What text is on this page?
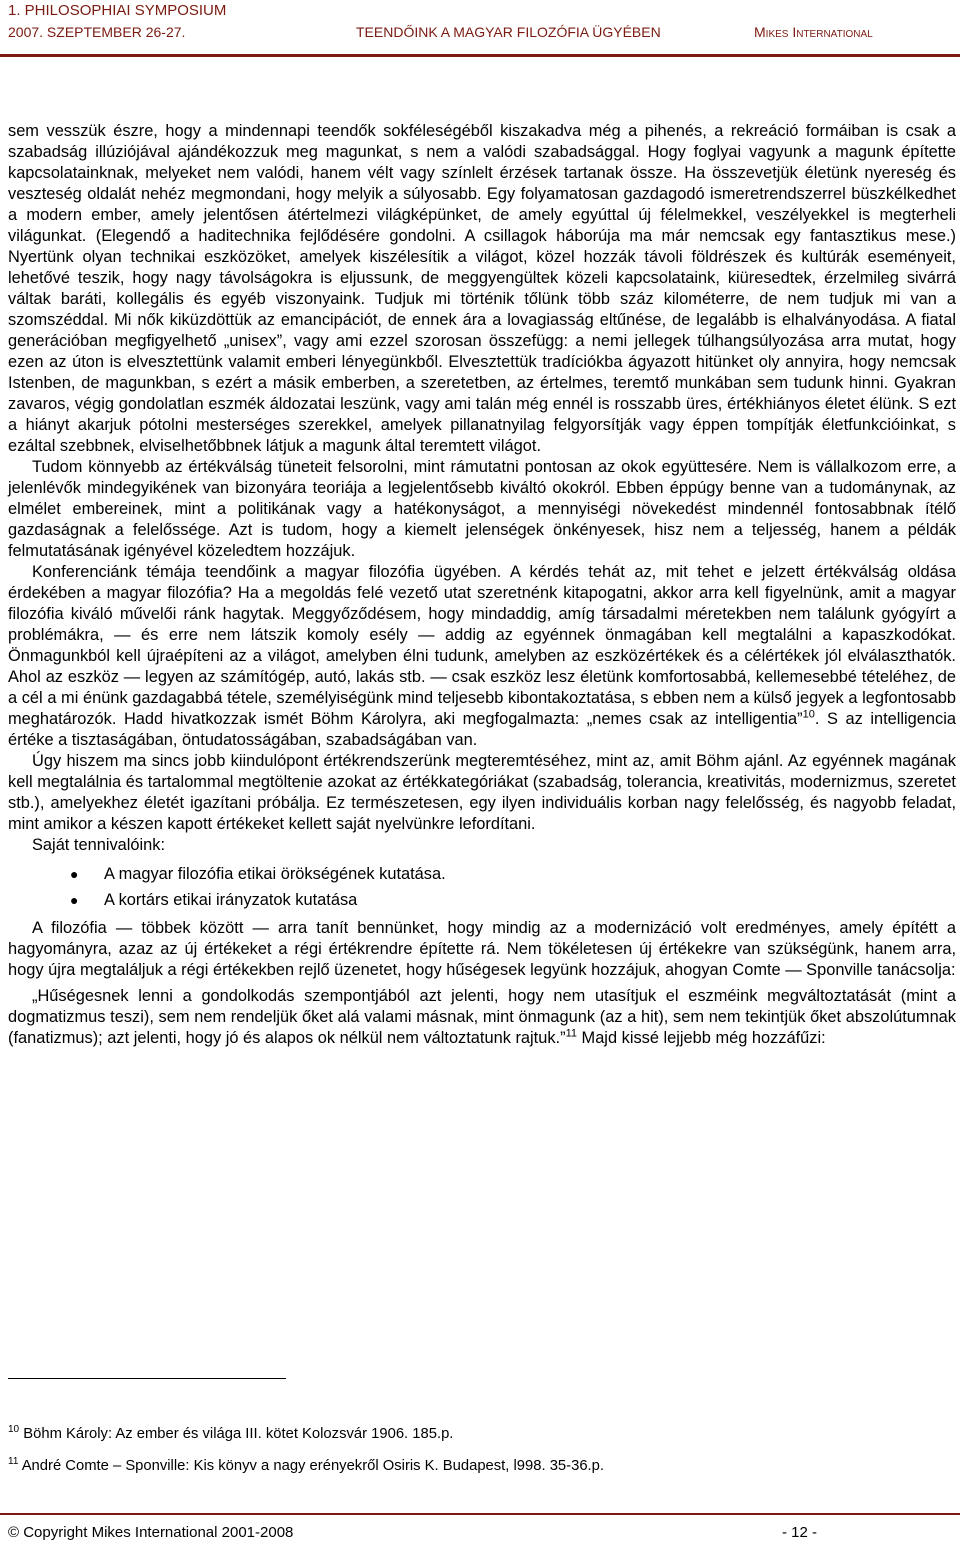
1. PHILOSOPHIAI SYMPOSIUM
2007. SZEPTEMBER 26-27.	TEENDŐINK A MAGYAR FILOZÓFIA ÜGYÉBEN	Mikes International

sem vesszük észre, hogy a mindennapi teendők sokféleségéből kiszakadva még a pihenés, a rekreáció formáiban is csak a szabadság illúziójával ajándékozzuk meg magunkat, s nem a valódi szabadsággal. Hogy foglyai vagyunk a magunk építette kapcsolatainknak, melyeket nem valódi, hanem vélt vagy színlelt érzések tartanak össze. Ha összevetjük életünk nyereség és veszteség oldalát nehéz megmondani, hogy melyik a súlyosabb. Egy folyamatosan gazdagodó ismeretrendszerrel büszkélkedhet a modern ember, amely jelentősen átértelmezi világképünket, de amely egyúttal új félelmekkel, veszélyekkel is megterheli világunkat. (Elegendő a haditechnika fejlődésére gondolni. A csillagok háborúja ma már nemcsak egy fantasztikus mese.) Nyertünk olyan technikai eszközöket, amelyek kiszélesítik a világot, közel hozzák távoli földrészek és kultúrák eseményeit, lehetővé teszik, hogy nagy távolságokra is eljussunk, de meggyengültek közeli kapcsolataink, kiüresedtek, érzelmileg sivárrá váltak baráti, kollegális és egyéb viszonyaink. Tudjuk mi történik tőlünk több száz kilométerre, de nem tudjuk mi van a szomszéddal. Mi nők kiküzdöttük az emancipációt, de ennek ára a lovagiasság eltűnése, de legalább is elhalványodása. A fiatal generációban megfigyelhető „unisex”, vagy ami ezzel szorosan összefügg: a nemi jellegek túlhangsúlyozása arra mutat, hogy ezen az úton is elvesztettünk valamit emberi lényegünkből. Elvesztettük tradíciókba ágyazott hitünket oly annyira, hogy nemcsak Istenben, de magunkban, s ezért a másik emberben, a szeretetben, az értelmes, teremtő munkában sem tudunk hinni. Gyakran zavaros, végig gondolatlan eszmék áldozatai leszünk, vagy ami talán még ennél is rosszabb üres, értékhiányos életet élünk. S ezt a hiányt akarjuk pótolni mesterséges szerekkel, amelyek pillanatnyilag felgyorsítják vagy éppen tompítják életfunkcióinkat, s ezáltal szebbnek, elviselhetőbbnek látjuk a magunk által teremtett világot.

Tudom könnyebb az értékválság tüneteit felsorolni, mint rámutatni pontosan az okok együttesére. Nem is vállalkozom erre, a jelenlévők mindegyikének van bizonyára teoriája a legjelentősebb kiváltó okokról. Ebben éppúgy benne van a tudománynak, az elmélet embereinek, mint a politikának vagy a hatékonyságot, a mennyiségi növekedést mindennél fontosabbnak ítélő gazdaságnak a felelőssége. Azt is tudom, hogy a kiemelt jelenségek önkényesek, hisz nem a teljesség, hanem a példák felmutatásának igényével közeledtem hozzájuk.

Konferenciánk témája teendőink a magyar filozófia ügyében. A kérdés tehát az, mit tehet e jelzett értékválság oldása érdekében a magyar filozófia? Ha a megoldás felé vezető utat szeretnénk kitapogatni, akkor arra kell figyelnünk, amit a magyar filozófia kiváló művelői ránk hagytak. Meggyőződésem, hogy mindaddig, amíg társadalmi méretekben nem találunk gyógyírt a problémákra, — és erre nem látszik komoly esély — addig az egyénnek önmagában kell megtalálni a kapaszkodókat. Önmagunkból kell újraépíteni az a világot, amelyben élni tudunk, amelyben az eszközértékek és a célértékek jól elválaszthatók. Ahol az eszköz — legyen az számítógép, autó, lakás stb. — csak eszköz lesz életünk komfortosabbá, kellemesebbé tételéhez, de a cél a mi énünk gazdagabbá tétele, személyiségünk mind teljesebb kibontakoztatása, s ebben nem a külső jegyek a legfontosabb meghatározók. Hadd hivatkozzak ismét Böhm Károlyra, aki megfogalmazta: „nemes csak az intelligentia”$^{10}$. S az intelligencia értéke a tisztaságában, öntudatosságában, szabadságában van.

Úgy hiszem ma sincs jobb kiindulópont értékrendszerünk megteremtéséhez, mint az, amit Böhm ajánl. Az egyénnek magának kell megtalálnia és tartalommal megtöltenie azokat az értékkategóriákat (szabadság, tolerancia, kreativitás, modernizmus, szeretet stb.), amelyekhez életét igazítani próbálja. Ez természetesen, egy ilyen individuális korban nagy felelősség, és nagyobb feladat, mint amikor a készen kapott értékeket kellett saját nyelvünkre lefordítani.

Saját tennivalóink:

● A magyar filozófia etikai örökségének kutatása.
● A kortárs etikai irányzatok kutatása

A filozófia — többek között — arra tanít bennünket, hogy mindig az a modernizáció volt eredményes, amely építétt a hagyományra, azaz az új értékeket a régi értékrendre építette rá. Nem tökéletesen új értékekre van szükségünk, hanem arra, hogy újra megtaláljuk a régi értékekben rejlő üzenetet, hogy hűségesek legyünk hozzájuk, ahogyan Comte — Sponville tanácsolja:

„Hűségesnek lenni a gondolkodás szempontjából azt jelenti, hogy nem utasítjuk el eszméink megváltoztatását (mint a dogmatizmus teszi), sem nem rendeljük őket alá valami másnak, mint önmagunk (az a hit), sem nem tekintjük őket abszolútumnak (fanatizmus); azt jelenti, hogy jó és alapos ok nélkül nem változtatunk rajtuk.”$^{11}$ Majd kissé lejjebb még hozzáfűzi:

$^{10}$ Böhm Károly: Az ember és világa III. kötet Kolozsvár 1906. 185.p.
$^{11}$ André Comte – Sponville: Kis könyv a nagy erényekről Osiris K. Budapest, l998. 35-36.p.
© Copyright Mikes International 2001-2008	- 12 -
